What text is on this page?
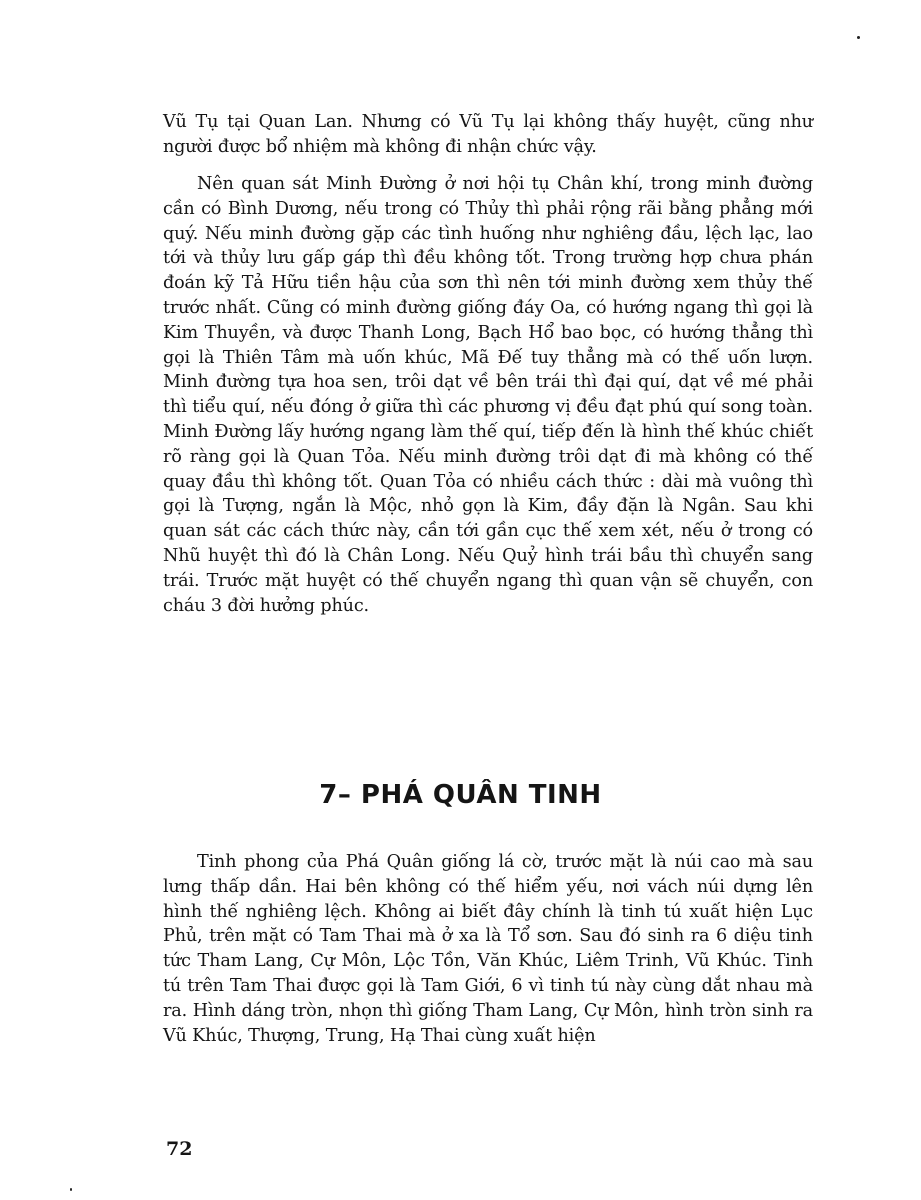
Vũ Tụ tại Quan Lan. Nhưng có Vũ Tụ lại không thấy huyệt, cũng như người được bổ nhiệm mà không đi nhận chức vậy.

Nên quan sát Minh Đường ở nơi hội tụ Chân khí, trong minh đường cần có Bình Dương, nếu trong có Thủy thì phải rộng rãi bằng phẳng mới quý. Nếu minh đường gặp các tình huống như nghiêng đầu, lệch lạc, lao tới và thủy lưu gấp gáp thì đều không tốt. Trong trường hợp chưa phán đoán kỹ Tả Hữu tiền hậu của sơn thì nên tới minh đường xem thủy thế trước nhất. Cũng có minh đường giống đáy Oa, có hướng ngang thì gọi là Kim Thuyền, và được Thanh Long, Bạch Hổ bao bọc, có hướng thẳng thì gọi là Thiên Tâm mà uốn khúc, Mã Đế tuy thẳng mà có thế uốn lượn. Minh đường tựa hoa sen, trôi dạt về bên trái thì đại quí, dạt về mé phải thì tiểu quí, nếu đóng ở giữa thì các phương vị đều đạt phú quí song toàn. Minh Đường lấy hướng ngang làm thế quí, tiếp đến là hình thế khúc chiết rõ ràng gọi là Quan Tỏa. Nếu minh đường trôi dạt đi mà không có thế quay đầu thì không tốt. Quan Tỏa có nhiều cách thức : dài mà vuông thì gọi là Tượng, ngắn là Mộc, nhỏ gọn là Kim, đầy đặn là Ngân. Sau khi quan sát các cách thức này, cần tới gần cục thế xem xét, nếu ở trong có Nhũ huyệt thì đó là Chân Long. Nếu Quỷ hình trái bầu thì chuyển sang trái. Trước mặt huyệt có thế chuyển ngang thì quan vận sẽ chuyển, con cháu 3 đời hưởng phúc.

7– PHÁ QUÂN TINH

Tinh phong của Phá Quân giống lá cờ, trước mặt là núi cao mà sau lưng thấp dần. Hai bên không có thế hiểm yếu, nơi vách núi dựng lên hình thế nghiêng lệch. Không ai biết đây chính là tinh tú xuất hiện Lục Phủ, trên mặt có Tam Thai mà ở xa là Tổ sơn. Sau đó sinh ra 6 diệu tinh tức Tham Lang, Cự Môn, Lộc Tồn, Văn Khúc, Liêm Trinh, Vũ Khúc. Tinh tú trên Tam Thai được gọi là Tam Giới, 6 vì tinh tú này cùng dắt nhau mà ra. Hình dáng tròn, nhọn thì giống Tham Lang, Cự Môn, hình tròn sinh ra Vũ Khúc, Thượng, Trung, Hạ Thai cùng xuất hiện

72
